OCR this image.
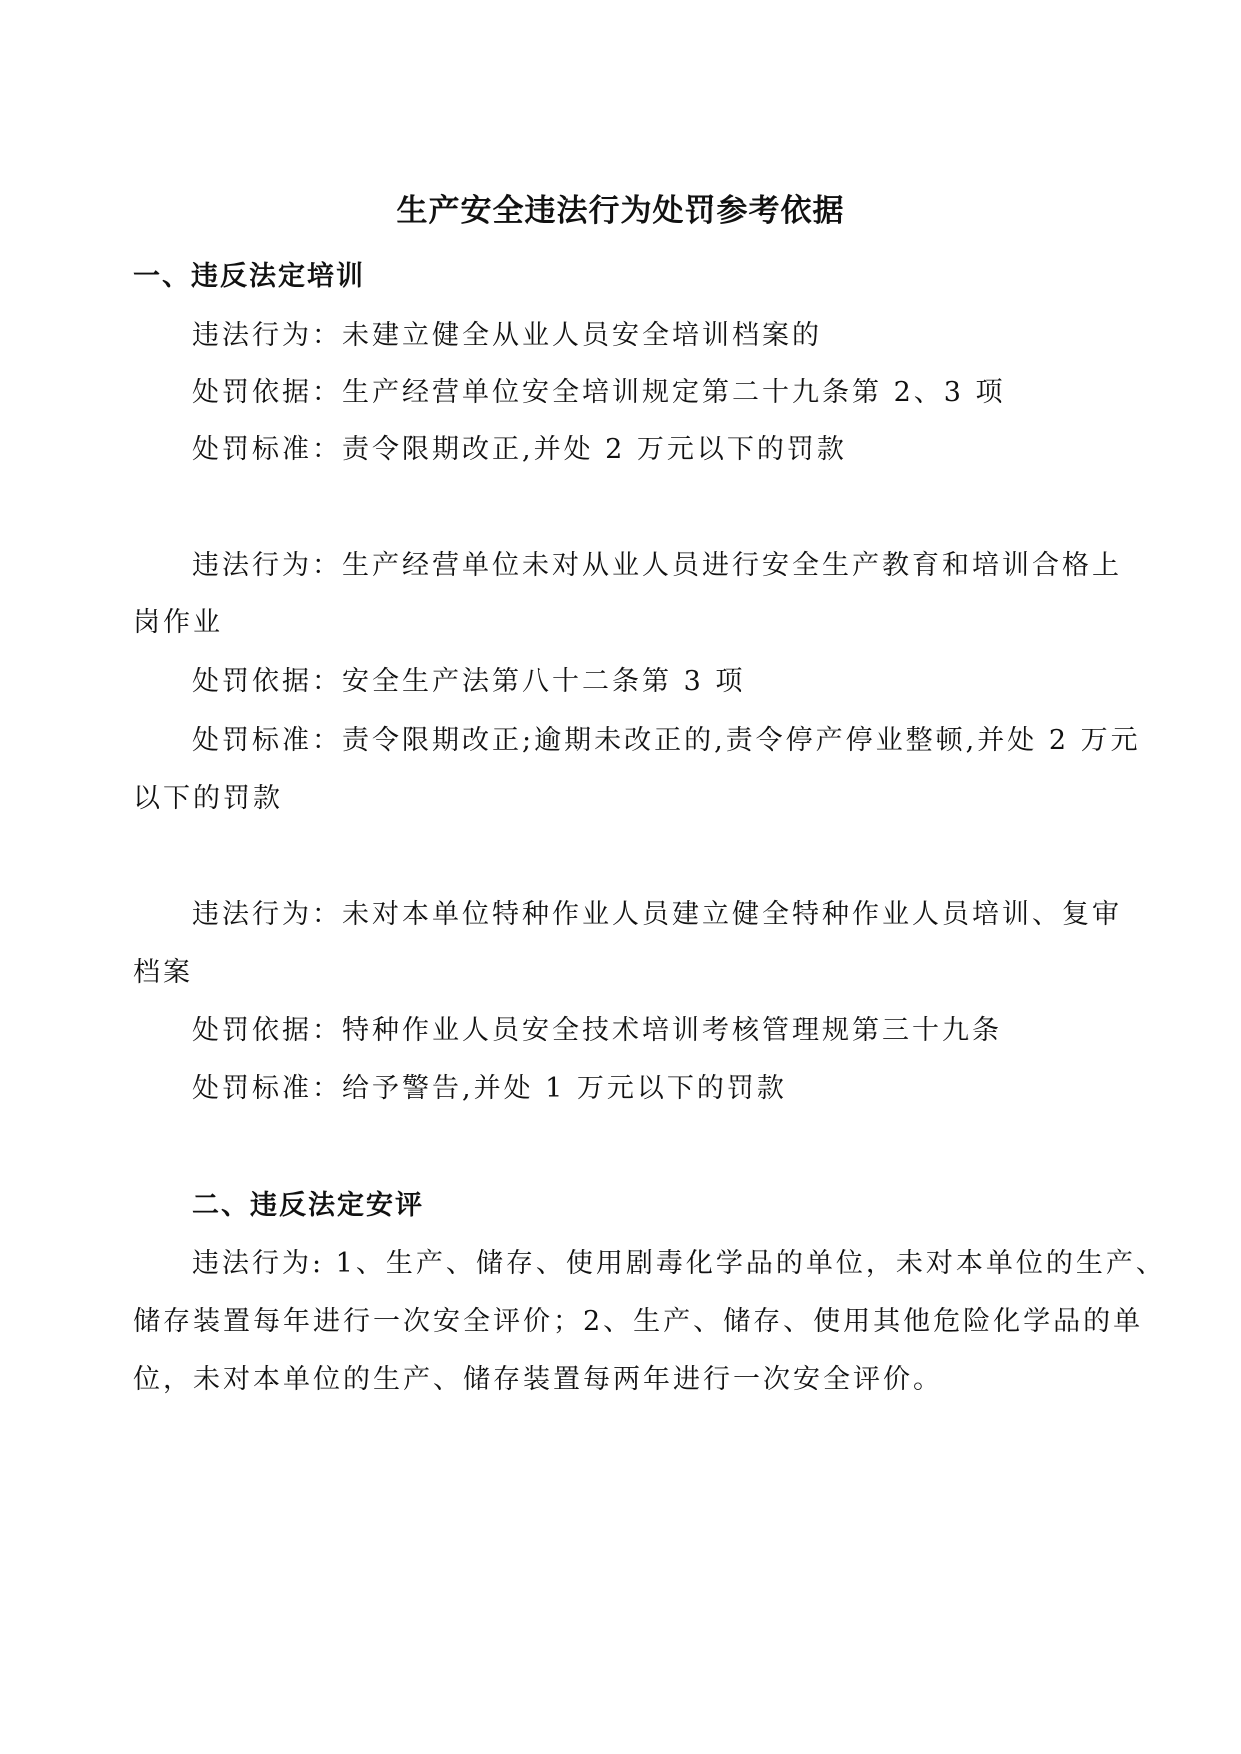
生产安全违法行为处罚参考依据
一、违反法定培训
违法行为：未建立健全从业人员安全培训档案的
处罚依据：生产经营单位安全培训规定第二十九条第 2、3 项
处罚标准：责令限期改正,并处 2 万元以下的罚款
违法行为：生产经营单位未对从业人员进行安全生产教育和培训合格上
岗作业
处罚依据：安全生产法第八十二条第 3 项
处罚标准：责令限期改正;逾期未改正的,责令停产停业整顿,并处 2 万元
以下的罚款
违法行为：未对本单位特种作业人员建立健全特种作业人员培训、复审
档案
处罚依据：特种作业人员安全技术培训考核管理规第三十九条
处罚标准：给予警告,并处 1 万元以下的罚款
二、违反法定安评
违法行为: 1、生产、储存、使用剧毒化学品的单位，未对本单位的生产、
储存装置每年进行一次安全评价；2、生产、储存、使用其他危险化学品的单
位，未对本单位的生产、储存装置每两年进行一次安全评价。
